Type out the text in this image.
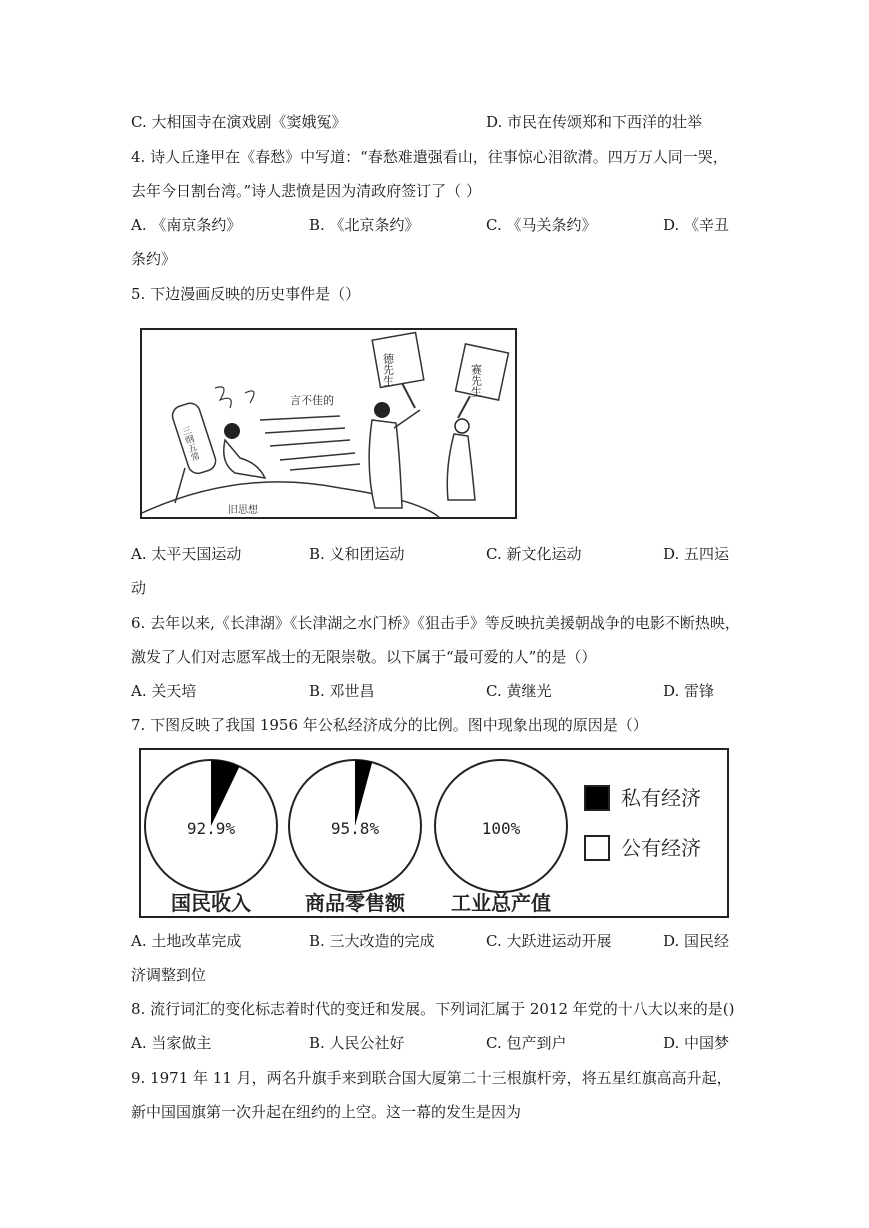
C. 大相国寺在演戏剧《窦娥冤》	D. 市民在传颂郑和下西洋的壮举
4. 诗人丘逢甲在《春愁》中写道：“春愁难遣强看山，往事惊心泪欲潸。四万万人同一哭，
去年今日割台湾。”诗人悲愤是因为清政府签订了（ ）
A. 《南京条约》	B. 《北京条约》	C. 《马关条约》	D. 《辛丑
条约》
5. 下边漫画反映的历史事件是（）
三纲五常
言不佳的
德先生	赛先生
旧思想
A. 太平天国运动	B. 义和团运动	C. 新文化运动	D. 五四运
动
6. 去年以来,《长津湖》《长津湖之水门桥》《狙击手》等反映抗美援朝战争的电影不断热映，
激发了人们对志愿军战士的无限崇敬。以下属于“最可爱的人”的是（）
A. 关天培	B. 邓世昌	C. 黄继光	D. 雷锋
7. 下图反映了我国 1956 年公私经济成分的比例。图中现象出现的原因是（）
92.9%
国民收入
95.8%
商品零售额
100%
工业总产值
私有经济
公有经济
A. 土地改革完成	B. 三大改造的完成	C. 大跃进运动开展	D. 国民经
济调整到位
8. 流行词汇的变化标志着时代的变迁和发展。下列词汇属于 2012 年党的十八大以来的是()
A. 当家做主	B. 人民公社好	C. 包产到户	D. 中国梦
9. 1971 年 11 月，两名升旗手来到联合国大厦第二十三根旗杆旁，将五星红旗高高升起，
新中国国旗第一次升起在纽约的上空。这一幕的发生是因为
